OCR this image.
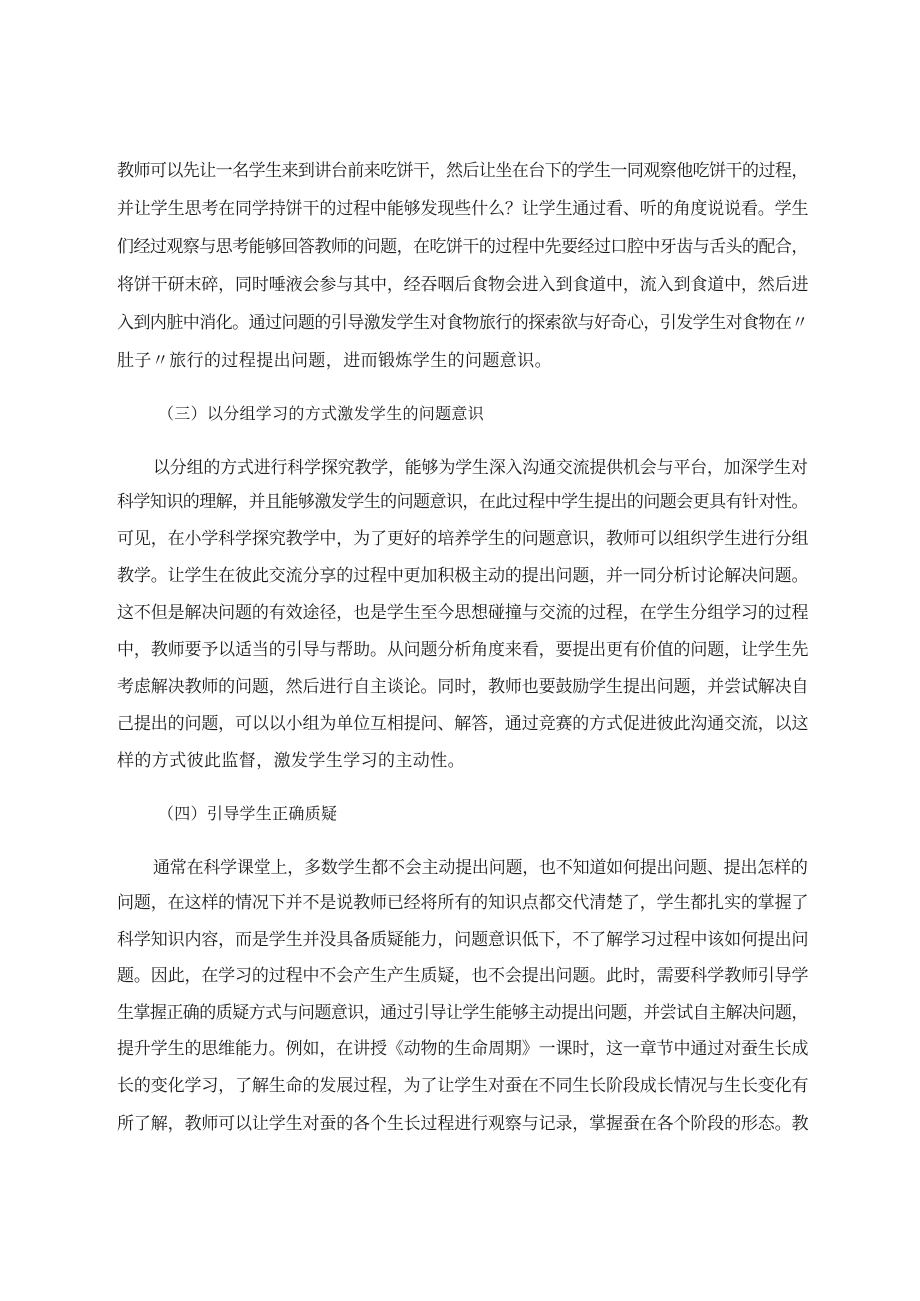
教师可以先让一名学生来到讲台前来吃饼干，然后让坐在台下的学生一同观察他吃饼干的过程，
并让学生思考在同学持饼干的过程中能够发现些什么？让学生通过看、听的角度说说看。学生
们经过观察与思考能够回答教师的问题，在吃饼干的过程中先要经过口腔中牙齿与舌头的配合，
将饼干研末碎，同时唾液会参与其中，经吞咽后食物会进入到食道中，流入到食道中，然后进
入到内脏中消化。通过问题的引导激发学生对食物旅行的探索欲与好奇心，引发学生对食物在〃
肚子〃旅行的过程提出问题，进而锻炼学生的问题意识。
（三）以分组学习的方式激发学生的问题意识
以分组的方式进行科学探究教学，能够为学生深入沟通交流提供机会与平台，加深学生对
科学知识的理解，并且能够激发学生的问题意识，在此过程中学生提出的问题会更具有针对性。
可见，在小学科学探究教学中，为了更好的培养学生的问题意识，教师可以组织学生进行分组
教学。让学生在彼此交流分享的过程中更加积极主动的提出问题，并一同分析讨论解决问题。
这不但是解决问题的有效途径，也是学生至今思想碰撞与交流的过程，在学生分组学习的过程
中，教师要予以适当的引导与帮助。从问题分析角度来看，要提出更有价值的问题，让学生先
考虑解决教师的问题，然后进行自主谈论。同时，教师也要鼓励学生提出问题，并尝试解决自
己提出的问题，可以以小组为单位互相提问、解答，通过竞赛的方式促进彼此沟通交流，以这
样的方式彼此监督，激发学生学习的主动性。
（四）引导学生正确质疑
通常在科学课堂上，多数学生都不会主动提出问题，也不知道如何提出问题、提出怎样的
问题，在这样的情况下并不是说教师已经将所有的知识点都交代清楚了，学生都扎实的掌握了
科学知识内容，而是学生并没具备质疑能力，问题意识低下，不了解学习过程中该如何提出问
题。因此，在学习的过程中不会产生产生质疑，也不会提出问题。此时，需要科学教师引导学
生掌握正确的质疑方式与问题意识，通过引导让学生能够主动提出问题，并尝试自主解决问题，
提升学生的思维能力。例如，在讲授《动物的生命周期》一课时，这一章节中通过对蚕生长成
长的变化学习，了解生命的发展过程，为了让学生对蚕在不同生长阶段成长情况与生长变化有
所了解，教师可以让学生对蚕的各个生长过程进行观察与记录，掌握蚕在各个阶段的形态。教
